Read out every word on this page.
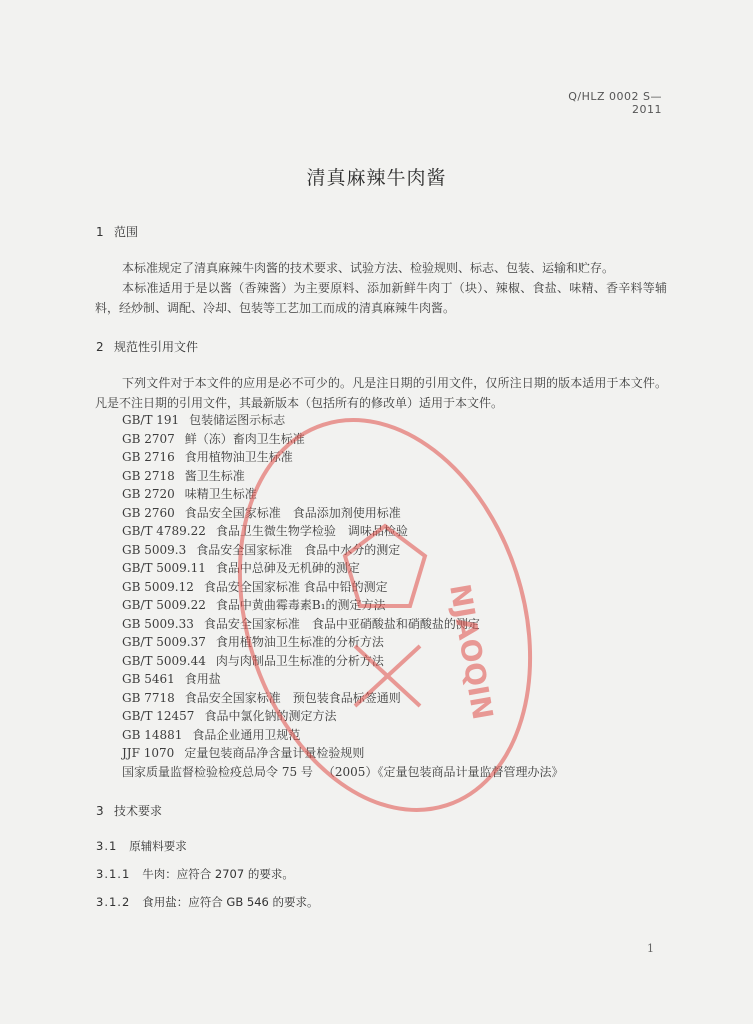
Q/HLZ 0002 S—2011
清真麻辣牛肉酱
1 范围
本标准规定了清真麻辣牛肉酱的技术要求、试验方法、检验规则、标志、包装、运输和贮存。
本标准适用于是以酱（香辣酱）为主要原料、添加新鲜牛肉丁（块）、辣椒、食盐、味精、香辛料等辅料，经炒制、调配、冷却、包装等工艺加工而成的清真麻辣牛肉酱。
2 规范性引用文件
下列文件对于本文件的应用是必不可少的。凡是注日期的引用文件，仅所注日期的版本适用于本文件。凡是不注日期的引用文件，其最新版本（包括所有的修改单）适用于本文件。
GB/T 191 包装储运图示标志
GB 2707 鲜（冻）畜肉卫生标准
GB 2716 食用植物油卫生标准
GB 2718 酱卫生标准
GB 2720 味精卫生标准
GB 2760 食品安全国家标准　食品添加剂使用标准
GB/T 4789.22 食品卫生微生物学检验　调味品检验
GB 5009.3 食品安全国家标准　食品中水分的测定
GB/T 5009.11 食品中总砷及无机砷的测定
GB 5009.12 食品安全国家标准 食品中铅的测定
GB/T 5009.22 食品中黄曲霉毒素B₁的测定方法
GB 5009.33 食品安全国家标准　食品中亚硝酸盐和硝酸盐的测定
GB/T 5009.37 食用植物油卫生标准的分析方法
GB/T 5009.44 肉与肉制品卫生标准的分析方法
GB 5461 食用盐
GB 7718 食品安全国家标准　预包装食品标签通则
GB/T 12457 食品中氯化钠的测定方法
GB 14881 食品企业通用卫规范
JJF 1070 定量包装商品净含量计量检验规则
国家质量监督检验检疫总局令 75 号 （2005）《定量包装商品计量监督管理办法》
3 技术要求
3.1 原辅料要求
3.1.1 牛肉：应符合 2707 的要求。
3.1.2 食用盐：应符合 GB 546 的要求。
1
NJAOQIN
